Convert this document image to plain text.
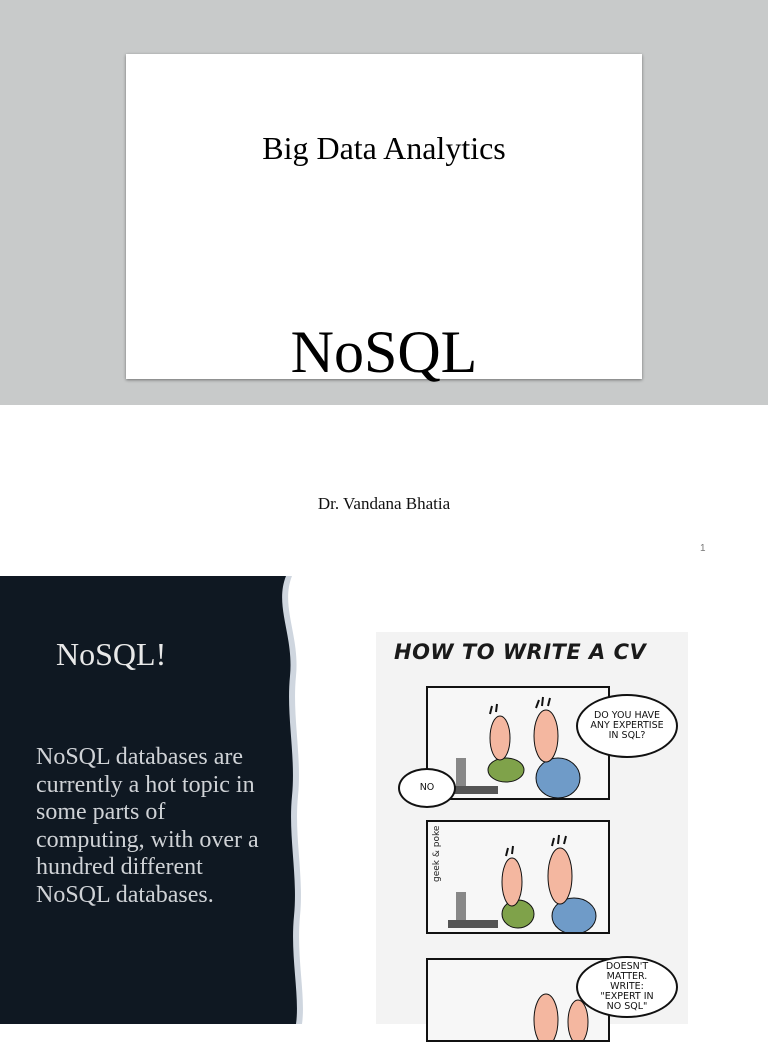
Big Data Analytics
NoSQL
Dr. Vandana Bhatia
1
NoSQL!
NoSQL databases are currently a hot topic in some parts of computing, with over a hundred different NoSQL databases.
HOW TO WRITE A CV
DO YOU HAVE
ANY EXPERTISE
IN SQL?
NO
geek & poke
DOESN'T
MATTER.
WRITE:
"EXPERT IN
NO SQL"
